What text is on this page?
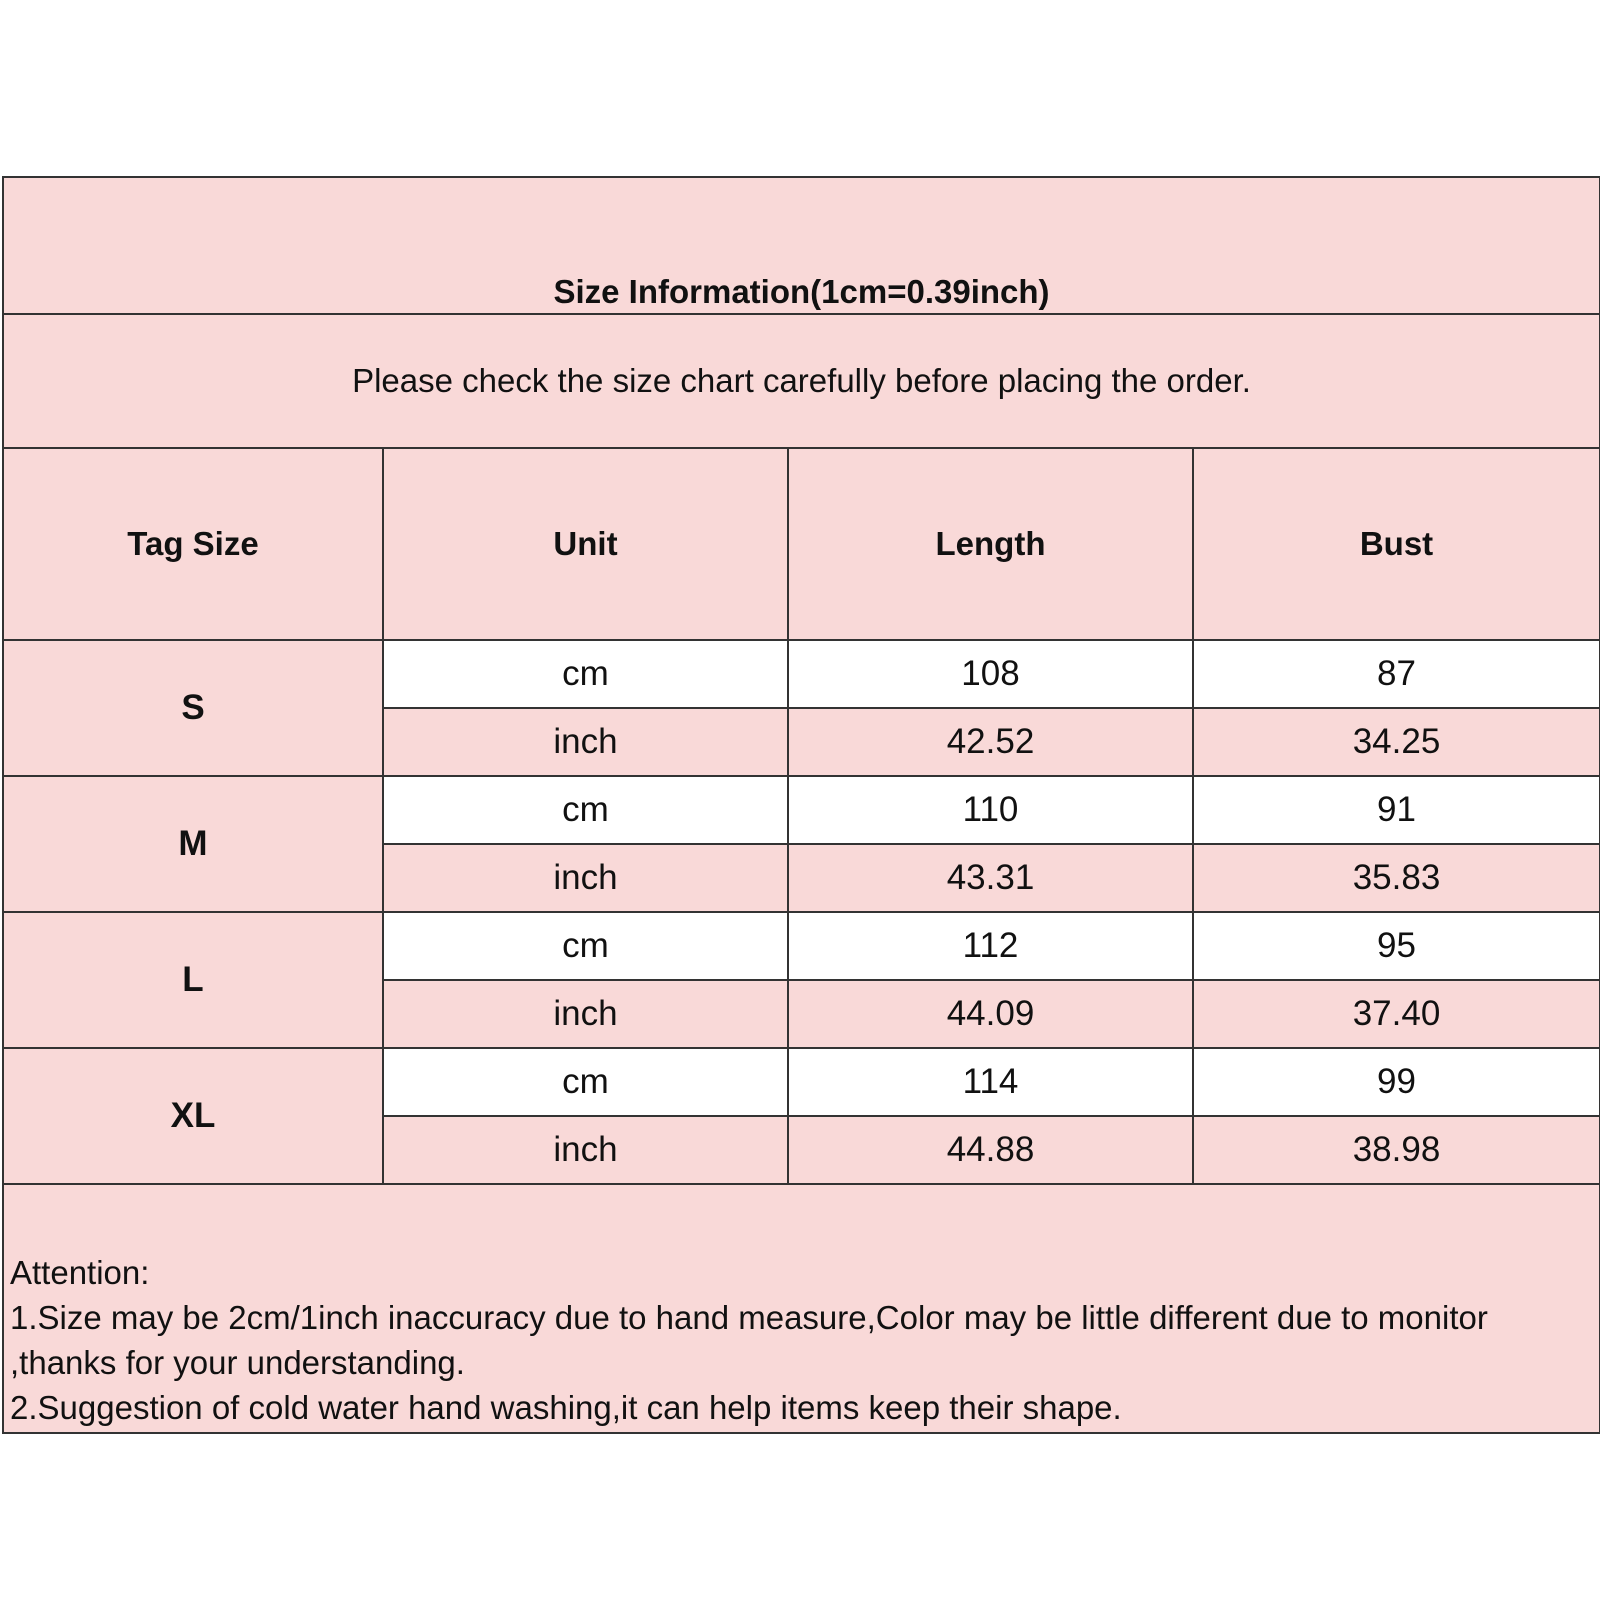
Size Information(1cm=0.39inch)			
Please check the size chart carefully before placing the order.			
Tag Size	Unit	Length	Bust
S	cm	108	87
	inch	42.52	34.25
M	cm	110	91
	inch	43.31	35.83
L	cm	112	95
	inch	44.09	37.40
XL	cm	114	99
	inch	44.88	38.98

Attention:
1.Size may be 2cm/1inch inaccuracy due to hand measure,Color may be little different due to monitor
,thanks for your understanding.
2.Suggestion of cold water hand washing,it can help items keep their shape.			
